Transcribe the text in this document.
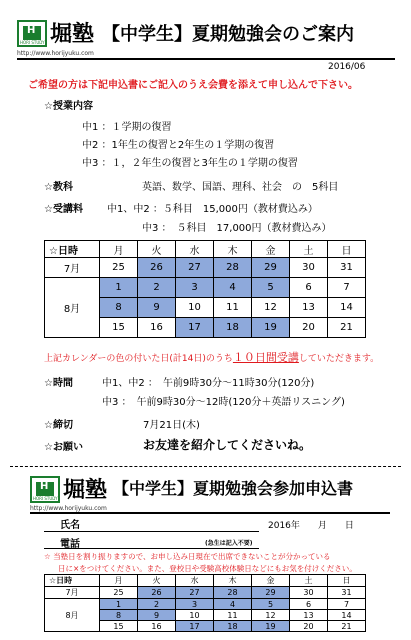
H
HORI STUDY 堀塾 【中学生】夏期勉強会のご案内
http://www.horijyuku.com
2016/06
ご希望の方は下記申込書にご記入のうえ会費を添えて申し込んで下さい。
☆授業内容
中1 ：１学期の復習
中2 ：1年生の復習と2年生の１学期の復習
中3 ：１，２年生の復習と3年生の１学期の復習
☆教科	英語、数学、国語、理科、社会　の　5科目
☆受講料 中1、中2 ：５科目　15,000円（教材費込み）
中3 ：　５科目　17,000円（教材費込み）
☆日時	月	火	水	木	金	土	日
7月	25	26	27	28	29	30	31
8月	1	2	3	4	5	6	7
	8	9	10	11	12	13	14
	15	16	17	18	19	20	21
上記カレンダーの色の付いた日(計14日)のうち１０日間受講していただきます。
☆時間	中1、中2 ：　午前9時30分～11時30分(120分)
中3 ：　午前9時30分～12時(120分＋英語リスニング)
☆締切	7月21日(木)
☆お願い	お友達を紹介してくださいね。
H
HORI STUDY 堀塾 【中学生】夏期勉強会参加申込書
http://www.horijyuku.com
氏名	2016年　　月　　日
電話	(急生は記入不要)
☆ 当塾日を割り振りますので、お申し込み日現在で出席できないことが分かっている
日に×をつけてください。また、登校日や受験高校体験日などにもお気を付けください。
☆日時	月	火	水	木	金	土	日
7月	25	26	27	28	29	30	31
8月	1	2	3	4	5	6	7
	8	9	10	11	12	13	14
	15	16	17	18	19	20	21
